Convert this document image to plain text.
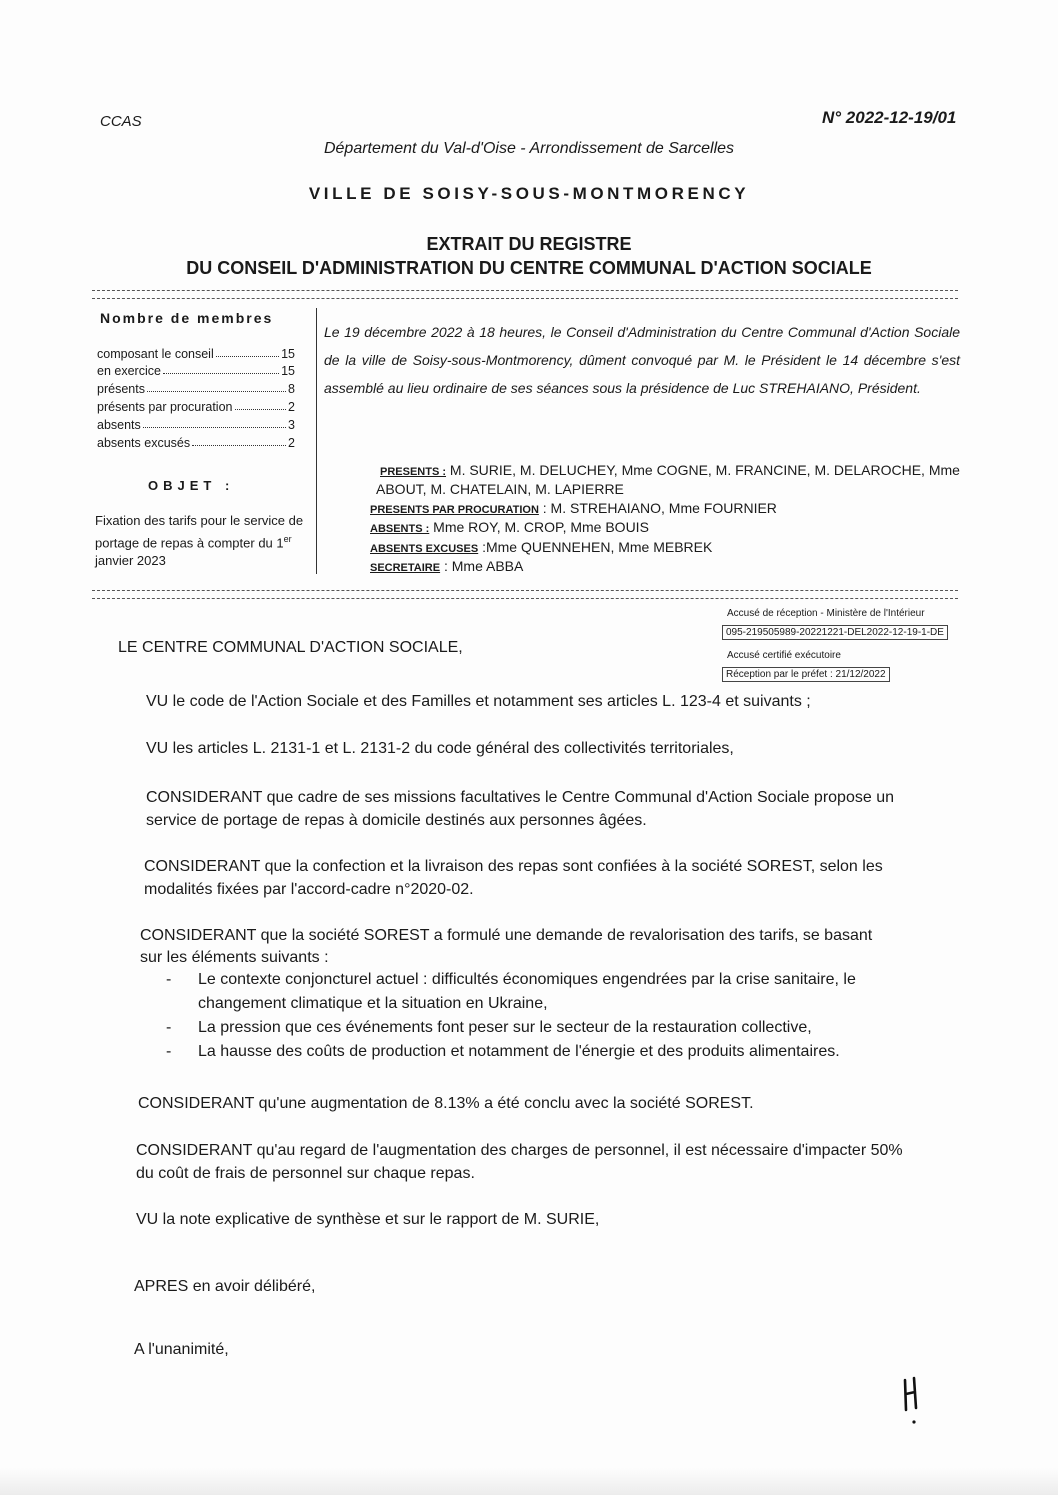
CCAS	N° 2022-12-19/01
Département du Val-d'Oise - Arrondissement de Sarcelles
VILLE DE SOISY-SOUS-MONTMORENCY
EXTRAIT DU REGISTRE
DU CONSEIL D'ADMINISTRATION DU CENTRE COMMUNAL D'ACTION SOCIALE
Nombre de membres
composant le conseil	15
en exercice	15
présents	8
présents par procuration	2
absents	3
absents excusés	2
OBJET :
Fixation des tarifs pour le service de portage de repas à compter du 1er janvier 2023
Le 19 décembre 2022 à 18 heures, le Conseil d'Administration du Centre Communal d'Action Sociale de la ville de Soisy-sous-Montmorency, dûment convoqué par M. le Président le 14 décembre s'est assemblé au lieu ordinaire de ses séances sous la présidence de Luc STREHAIANO, Président.
PRESENTS : M. SURIE, M. DELUCHEY, Mme COGNE, M. FRANCINE, M. DELAROCHE, Mme
ABOUT, M. CHATELAIN, M. LAPIERRE
PRESENTS PAR PROCURATION : M. STREHAIANO, Mme FOURNIER
ABSENTS : Mme ROY, M. CROP, Mme BOUIS
ABSENTS EXCUSES :Mme QUENNEHEN, Mme MEBREK
SECRETAIRE : Mme ABBA
Accusé de réception - Ministère de l'Intérieur
095-219505989-20221221-DEL2022-12-19-1-DE
Accusé certifié exécutoire
Réception par le préfet : 21/12/2022
LE CENTRE COMMUNAL D'ACTION SOCIALE,
VU le code de l'Action Sociale et des Familles et notamment ses articles L. 123-4 et suivants ;
VU les articles L. 2131-1 et L. 2131-2 du code général des collectivités territoriales,
CONSIDERANT que cadre de ses missions facultatives le Centre Communal d'Action Sociale propose un
service de portage de repas à domicile destinés aux personnes âgées.
CONSIDERANT que la confection et la livraison des repas sont confiées à la société SOREST, selon les
modalités fixées par l'accord-cadre n°2020-02.
CONSIDERANT que la société SOREST a formulé une demande de revalorisation des tarifs, se basant
sur les éléments suivants :
-	Le contexte conjoncturel actuel : difficultés économiques engendrées par la crise sanitaire, le
changement climatique et la situation en Ukraine,
-	La pression que ces événements font peser sur le secteur de la restauration collective,
-	La hausse des coûts de production et notamment de l'énergie et des produits alimentaires.
CONSIDERANT qu'une augmentation de 8.13% a été conclu avec la société SOREST.
CONSIDERANT qu'au regard de l'augmentation des charges de personnel, il est nécessaire d'impacter 50%
du coût de frais de personnel sur chaque repas.
VU la note explicative de synthèse et sur le rapport de M. SURIE,
APRES en avoir délibéré,
A l'unanimité,
